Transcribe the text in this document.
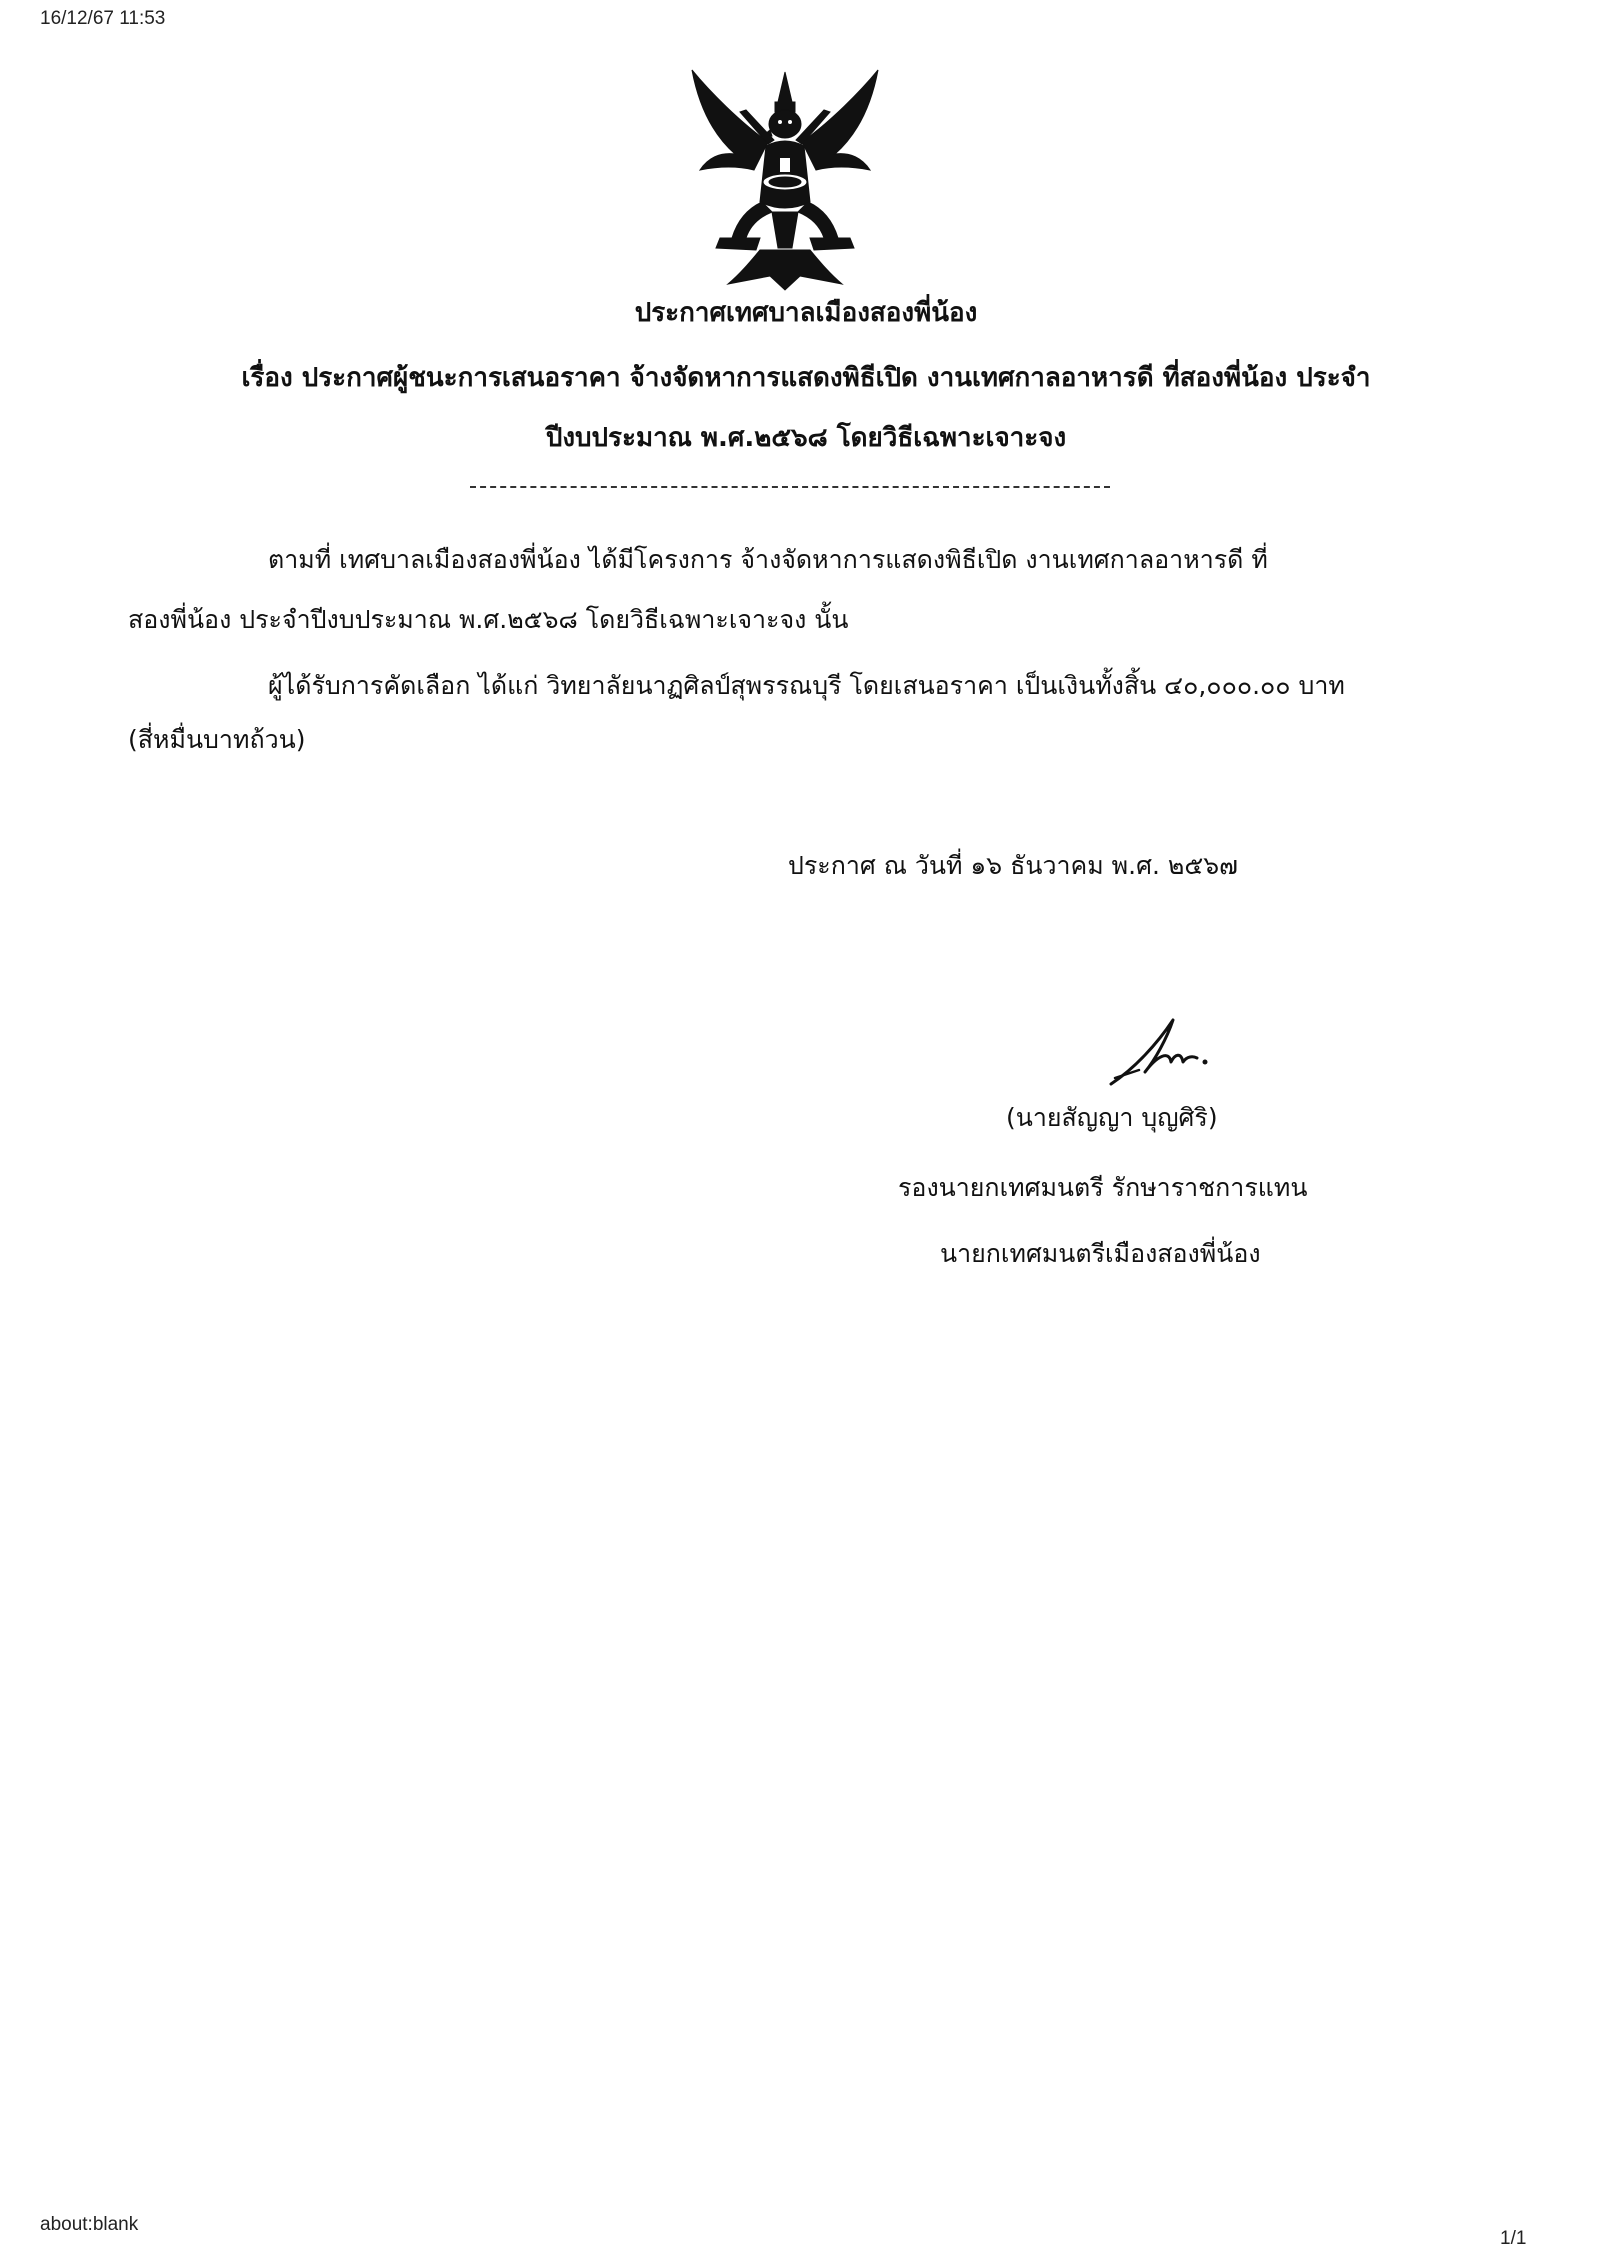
16/12/67 11:53
ประกาศเทศบาลเมืองสองพี่น้อง
เรื่อง ประกาศผู้ชนะการเสนอราคา จ้างจัดหาการแสดงพิธีเปิด งานเทศกาลอาหารดี ที่สองพี่น้อง ประจำ
ปีงบประมาณ พ.ศ.๒๕๖๘ โดยวิธีเฉพาะเจาะจง
ตามที่ เทศบาลเมืองสองพี่น้อง ได้มีโครงการ จ้างจัดหาการแสดงพิธีเปิด งานเทศกาลอาหารดี ที่
สองพี่น้อง ประจำปีงบประมาณ พ.ศ.๒๕๖๘ โดยวิธีเฉพาะเจาะจง นั้น
ผู้ได้รับการคัดเลือก ได้แก่ วิทยาลัยนาฏศิลป์สุพรรณบุรี โดยเสนอราคา เป็นเงินทั้งสิ้น ๔๐,๐๐๐.๐๐ บาท
(สี่หมื่นบาทถ้วน)
ประกาศ ณ วันที่ ๑๖ ธันวาคม พ.ศ. ๒๕๖๗
(นายสัญญา บุญศิริ)
รองนายกเทศมนตรี รักษาราชการแทน
นายกเทศมนตรีเมืองสองพี่น้อง
about:blank
1/1
